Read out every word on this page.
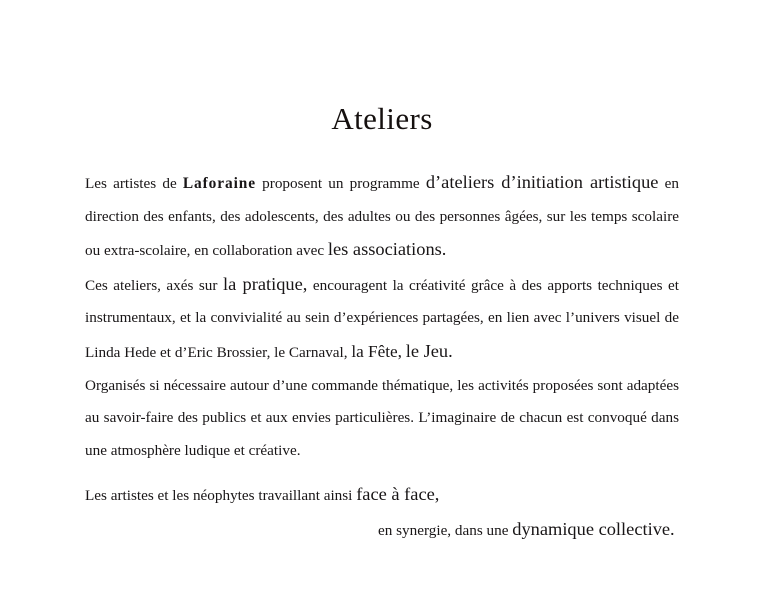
Ateliers

Les artistes de Laforaine proposent un programme d’ateliers d’initiation artistique en direction des enfants, des adolescents, des adultes ou des personnes âgées, sur les temps scolaire ou extra-scolaire, en collaboration avec les associations.

Ces ateliers, axés sur la pratique, encouragent la créativité grâce à des apports techniques et instrumentaux, et la convivialité au sein d’expériences partagées, en lien avec l’univers visuel de Linda Hede et d’Eric Brossier, le Carnaval, la Fête, le Jeu.

Organisés si nécessaire autour d’une commande thématique, les activités proposées sont adaptées au savoir-faire des publics et aux envies particulières. L’imaginaire de chacun est convoqué dans une atmosphère ludique et créative.

Les artistes et les néophytes travaillant ainsi face à face,

en synergie, dans une dynamique collective.
